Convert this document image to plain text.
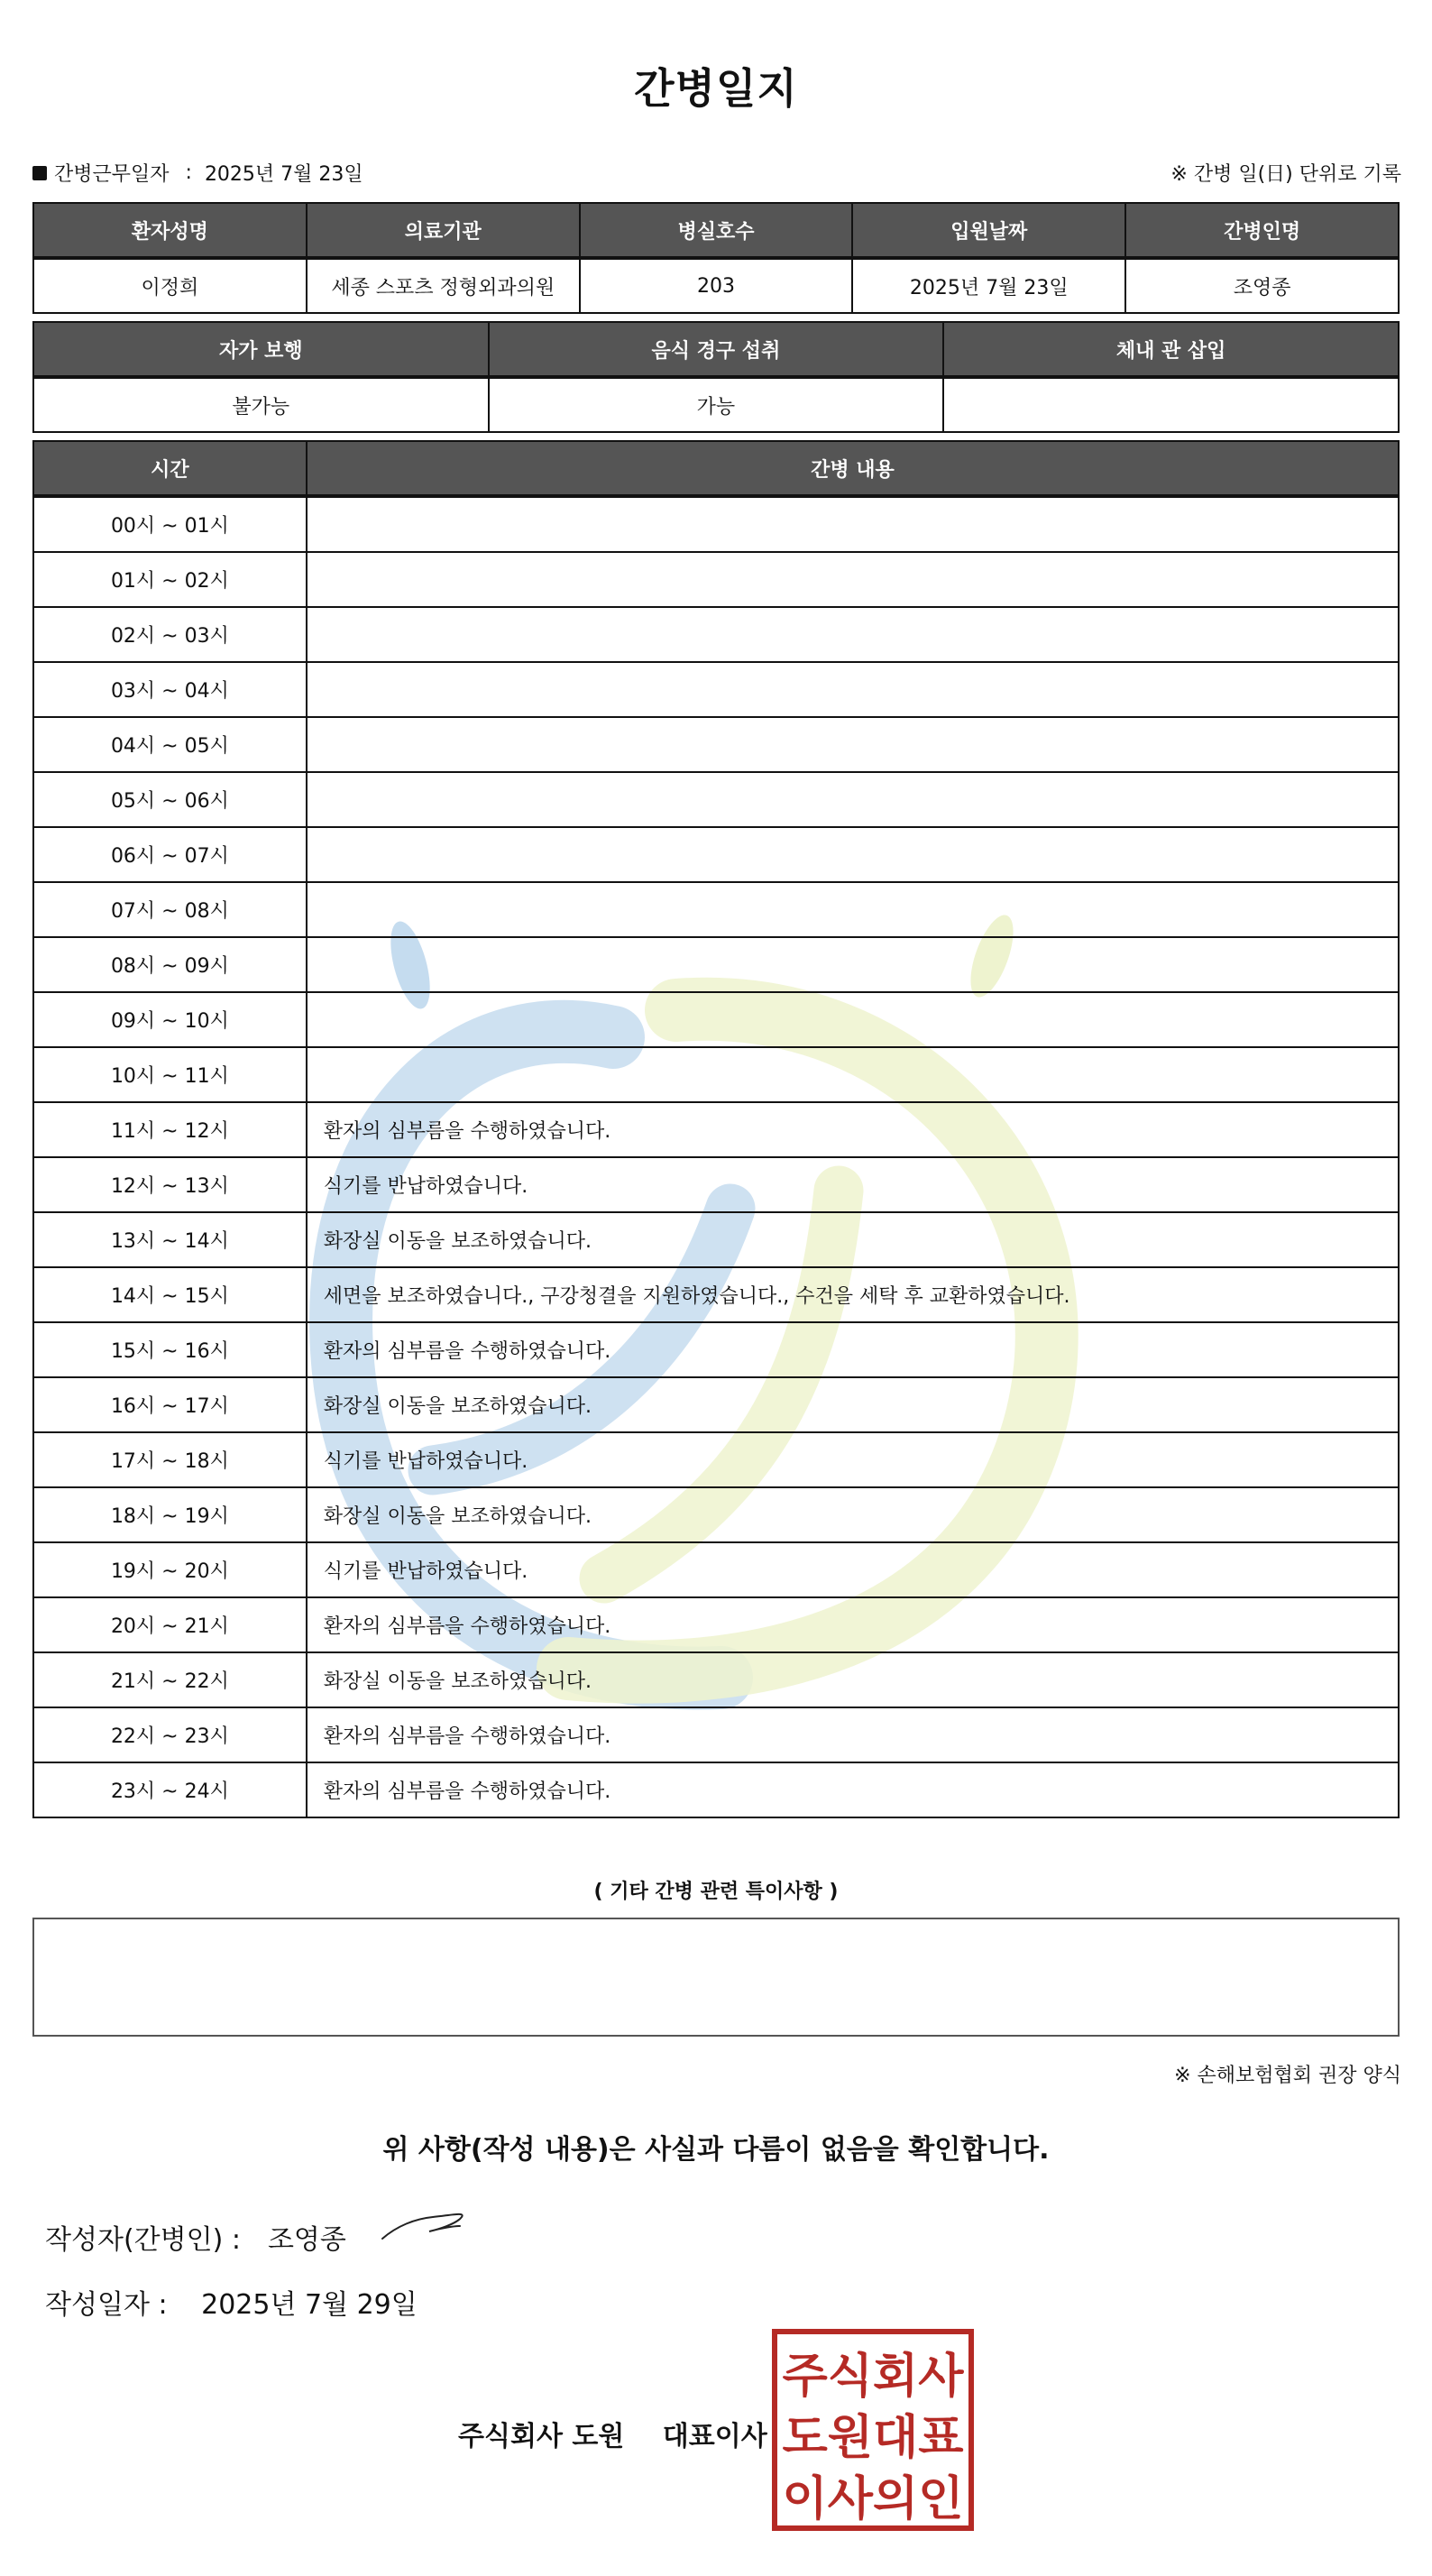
간병일지
간병근무일자 : 2025년 7월 23일	※ 간병 일(日) 단위로 기록
환자성명	의료기관	병실호수	입원날짜	간병인명
이정희	세종 스포츠 정형외과의원	203	2025년 7월 23일	조영종
자가 보행	음식 경구 섭취	체내 관 삽입
불가능	가능	
시간	간병 내용
00시 ~ 01시	
01시 ~ 02시	
02시 ~ 03시	
03시 ~ 04시	
04시 ~ 05시	
05시 ~ 06시	
06시 ~ 07시	
07시 ~ 08시	
08시 ~ 09시	
09시 ~ 10시	
10시 ~ 11시	
11시 ~ 12시	환자의 심부름을 수행하였습니다.
12시 ~ 13시	식기를 반납하였습니다.
13시 ~ 14시	화장실 이동을 보조하였습니다.
14시 ~ 15시	세면을 보조하였습니다., 구강청결을 지원하였습니다., 수건을 세탁 후 교환하였습니다.
15시 ~ 16시	환자의 심부름을 수행하였습니다.
16시 ~ 17시	화장실 이동을 보조하였습니다.
17시 ~ 18시	식기를 반납하였습니다.
18시 ~ 19시	화장실 이동을 보조하였습니다.
19시 ~ 20시	식기를 반납하였습니다.
20시 ~ 21시	환자의 심부름을 수행하였습니다.
21시 ~ 22시	화장실 이동을 보조하였습니다.
22시 ~ 23시	환자의 심부름을 수행하였습니다.
23시 ~ 24시	환자의 심부름을 수행하였습니다.
( 기타 간병 관련 특이사항 )
※ 손해보험협회 권장 양식
위 사항(작성 내용)은 사실과 다름이 없음을 확인합니다.
작성자(간병인) : 조영종
작성일자 : 2025년 7월 29일
주식회사 도원 대표이사
주식회사
도원대표
이사의인
